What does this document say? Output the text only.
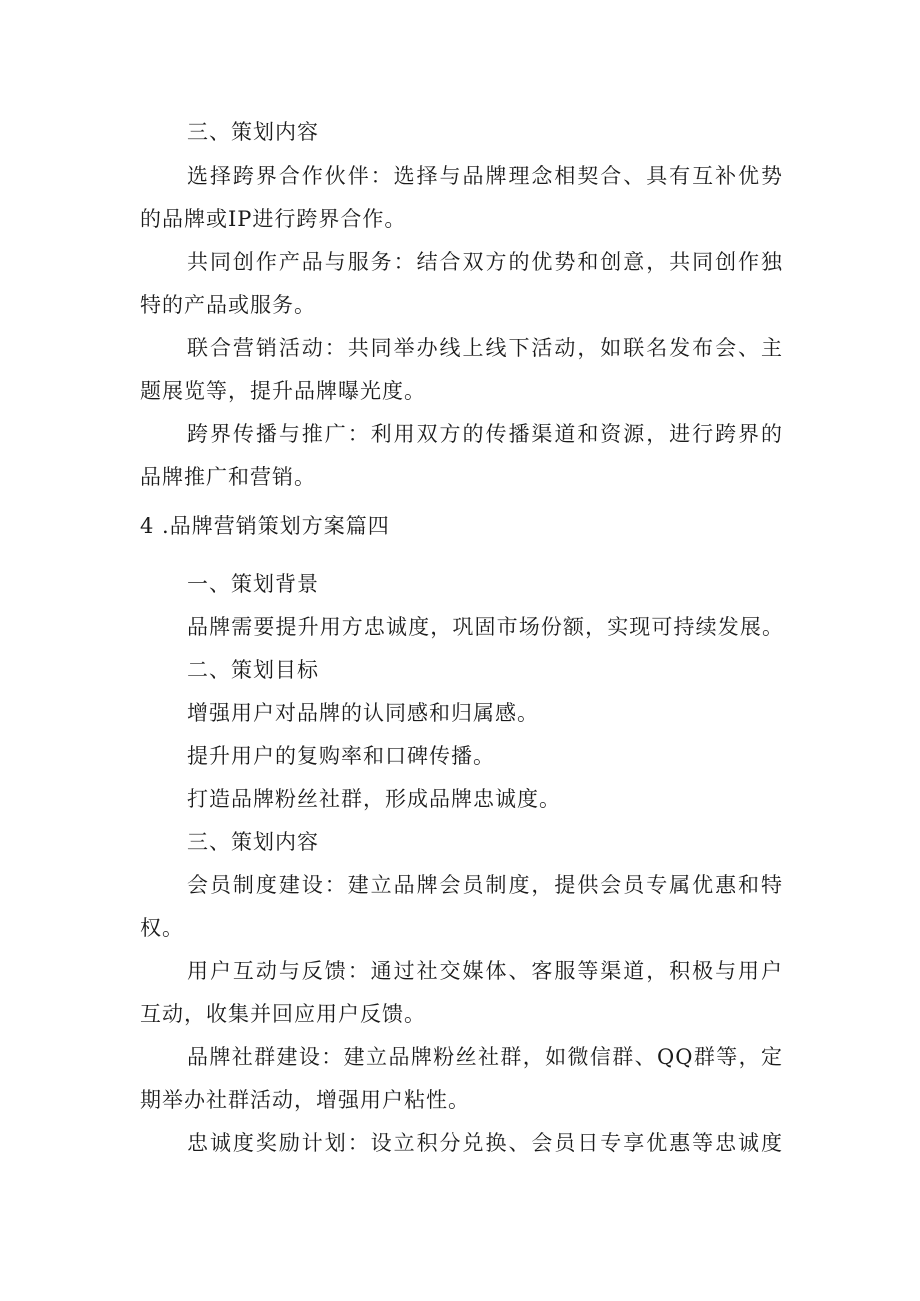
三、策划内容
选择跨界合作伙伴：选择与品牌理念相契合、具有互补优势
的品牌或IP进行跨界合作。
共同创作产品与服务：结合双方的优势和创意，共同创作独
特的产品或服务。
联合营销活动：共同举办线上线下活动，如联名发布会、主
题展览等，提升品牌曝光度。
跨界传播与推广：利用双方的传播渠道和资源，进行跨界的
品牌推广和营销。
4 .品牌营销策划方案篇四
一、策划背景
品牌需要提升用方忠诚度，巩固市场份额，实现可持续发展。
二、策划目标
增强用户对品牌的认同感和归属感。
提升用户的复购率和口碑传播。
打造品牌粉丝社群，形成品牌忠诚度。
三、策划内容
会员制度建设：建立品牌会员制度，提供会员专属优惠和特
权。
用户互动与反馈：通过社交媒体、客服等渠道，积极与用户
互动，收集并回应用户反馈。
品牌社群建设：建立品牌粉丝社群，如微信群、QQ群等，定
期举办社群活动，增强用户粘性。
忠诚度奖励计划：设立积分兑换、会员日专享优惠等忠诚度
